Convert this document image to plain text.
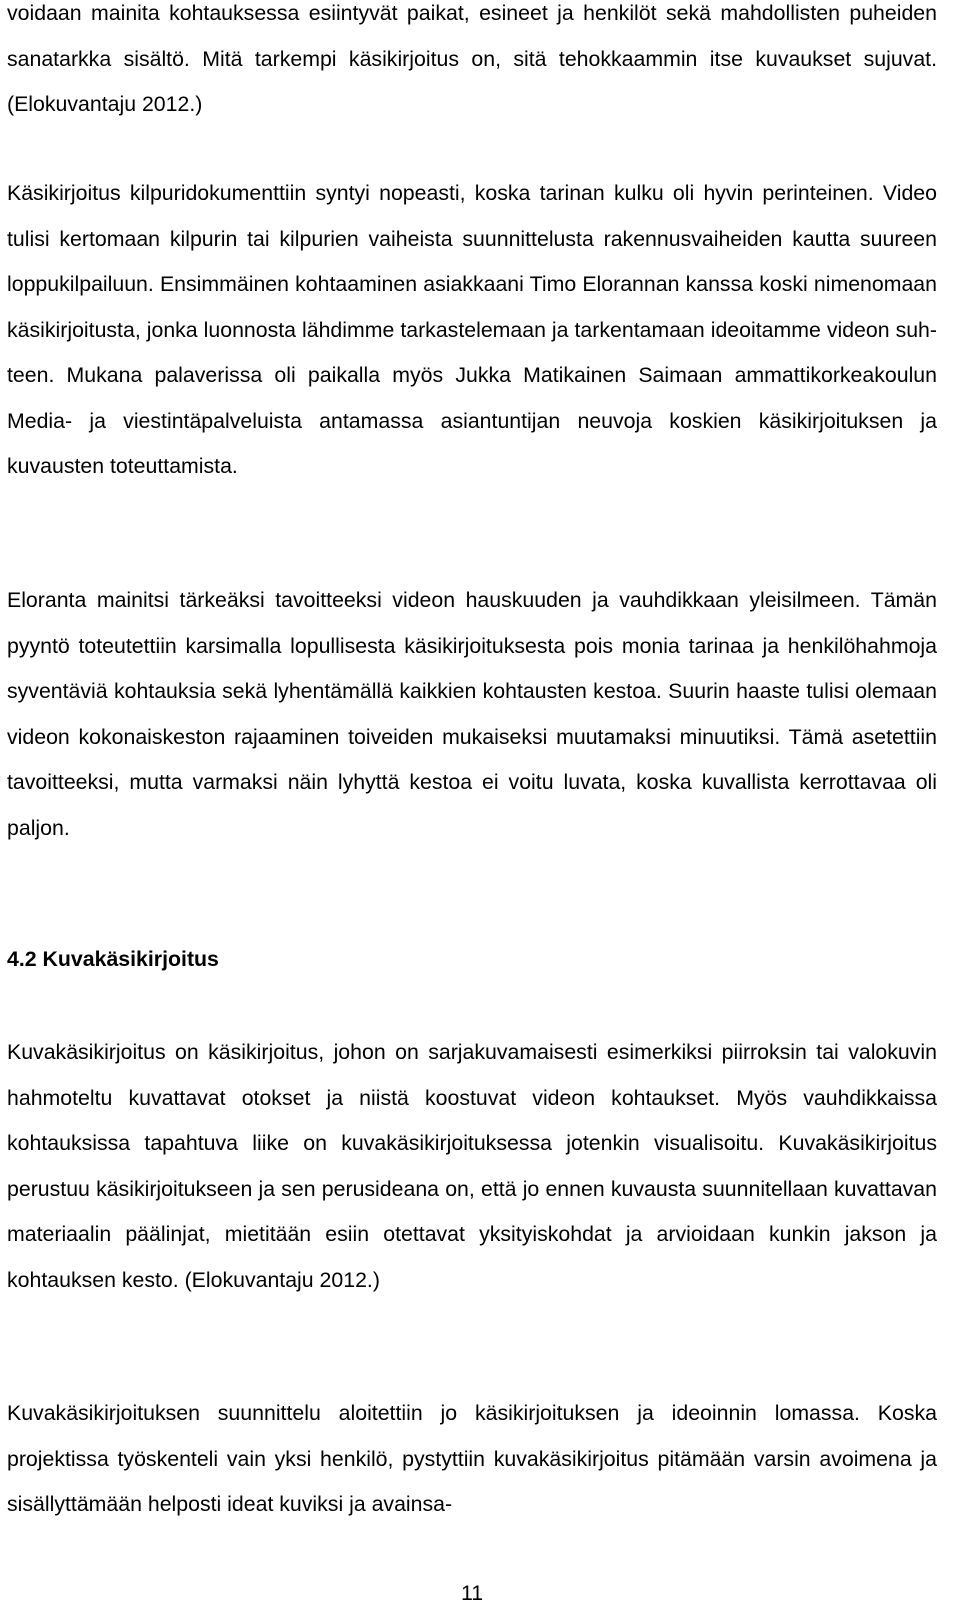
voidaan mainita kohtauksessa esiintyvät paikat, esineet ja henkilöt sekä mahdollisten puheiden sanatarkka sisältö. Mitä tarkempi käsikirjoitus on, sitä tehokkaammin itse kuvaukset sujuvat. (Elokuvantaju 2012.)

Käsikirjoitus kilpuridokumenttiin syntyi nopeasti, koska tarinan kulku oli hyvin perinteinen. Video tulisi kertomaan kilpurin tai kilpurien vaiheista suunnittelusta rakennusvaiheiden kautta suureen loppukilpailuun. Ensimmäinen kohtaaminen asiakkaani Timo Elorannan kanssa koski nimenomaan käsikirjoitusta, jonka luonnosta lähdimme tarkastelemaan ja tarkentamaan ideoitamme videon suhteen. Mukana palaverissa oli paikalla myös Jukka Matikainen Saimaan ammattikorkeakoulun Media- ja viestintäpalveluista antamassa asiantuntijan neuvoja koskien käsikirjoituksen ja kuvausten toteuttamista.

Eloranta mainitsi tärkeäksi tavoitteeksi videon hauskuuden ja vauhdikkaan yleisilmeen. Tämän pyyntö toteutettiin karsimalla lopullisesta käsikirjoituksesta pois monia tarinaa ja henkilöhahmoja syventäviä kohtauksia sekä lyhentämällä kaikkien kohtausten kestoa. Suurin haaste tulisi olemaan videon kokonaiskeston rajaaminen toiveiden mukaiseksi muutamaksi minuutiksi. Tämä asetettiin tavoitteeksi, mutta varmaksi näin lyhyttä kestoa ei voitu luvata, koska kuvallista kerrottavaa oli paljon.

4.2 Kuvakäsikirjoitus

Kuvakäsikirjoitus on käsikirjoitus, johon on sarjakuvamaisesti esimerkiksi piirroksin tai valokuvin hahmoteltu kuvattavat otokset ja niistä koostuvat videon kohtaukset. Myös vauhdikkaissa kohtauksissa tapahtuva liike on kuvakäsikirjoituksessa jotenkin visualisoitu. Kuvakäsikirjoitus perustuu käsikirjoitukseen ja sen perusideana on, että jo ennen kuvausta suunnitellaan kuvattavan materiaalin päälinjat, mietitään esiin otettavat yksityiskohdat ja arvioidaan kunkin jakson ja kohtauksen kesto. (Elokuvantaju 2012.)

Kuvakäsikirjoituksen suunnittelu aloitettiin jo käsikirjoituksen ja ideoinnin lomassa. Koska projektissa työskenteli vain yksi henkilö, pystyttiin kuvakäsikirjoitus pitämään varsin avoimena ja sisällyttämään helposti ideat kuviksi ja avainsa-

11
